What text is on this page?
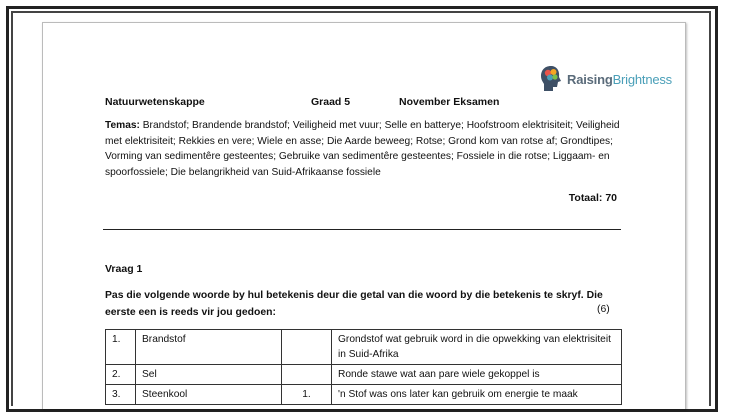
RaisingBrightness
Natuurwetenskappe	Graad 5	November Eksamen
Temas: Brandstof; Brandende brandstof; Veiligheid met vuur; Selle en batterye; Hoofstroom elektrisiteit; Veiligheid met elektrisiteit; Rekkies en vere; Wiele en asse; Die Aarde beweeg; Rotse; Grond kom van rotse af; Grondtipes; Vorming van sedimentêre gesteentes; Gebruike van sedimentêre gesteentes; Fossiele in die rotse; Liggaam- en spoorfossiele; Die belangrikheid van Suid-Afrikaanse fossiele
Totaal: 70
Vraag 1
Pas die volgende woorde by hul betekenis deur die getal van die woord by die betekenis te skryf. Die eerste een is reeds vir jou gedoen:	(6)
1.	Brandstof		Grondstof wat gebruik word in die opwekking van elektrisiteit in Suid-Afrika
2.	Sel		Ronde stawe wat aan pare wiele gekoppel is
3.	Steenkool	1.	'n Stof was ons later kan gebruik om energie te maak
